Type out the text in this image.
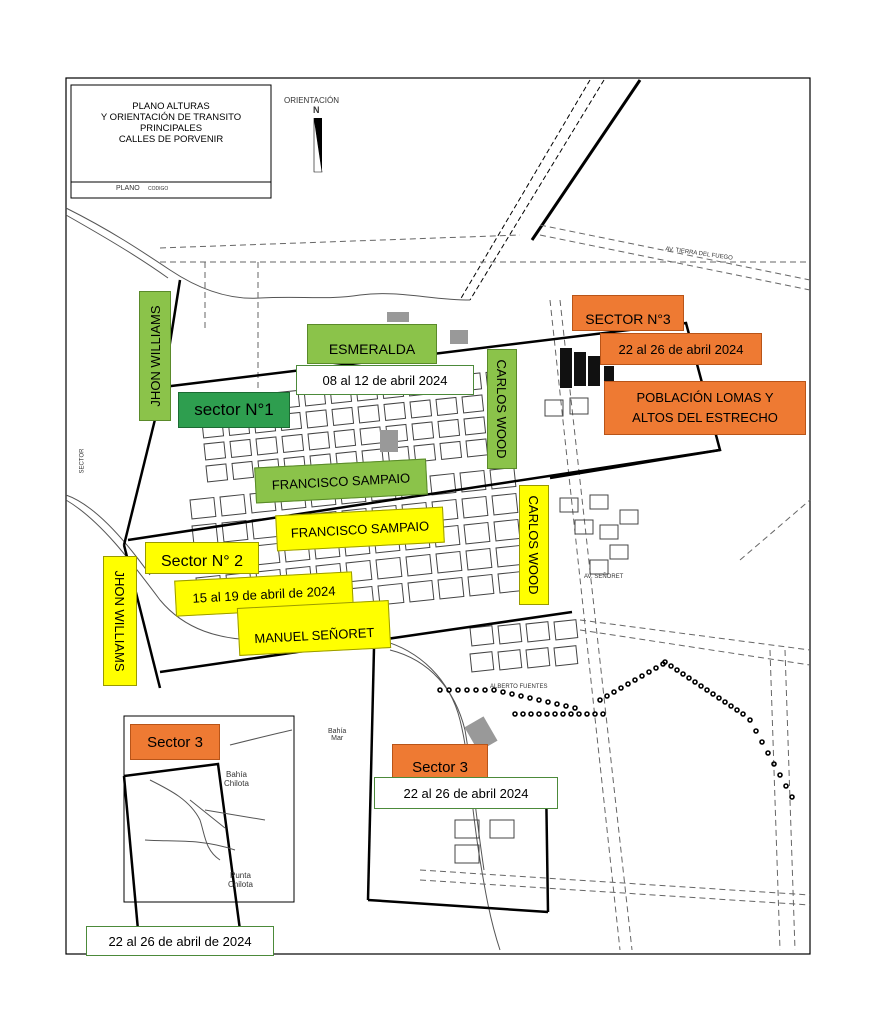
PLANO ALTURAS
Y ORIENTACIÓN DE TRANSITO
PRINCIPALES
CALLES DE PORVENIR
PLANO CODIGO
ORIENTACIÓN
N
AV. TIERRA DEL FUEGO
AV. SEÑORET
ALBERTO FUENTES
SECTOR
Bahía
Mar
Bahía
Chilota
Punta
Chilota
JHON WILLIAMS	ESMERALDA
08 al 12 de abril 2024
sector N°1	CARLOS WOOD
FRANCISCO SAMPAIO
SECTOR N°3
22 al 26 de abril 2024
POBLACIÓN LOMAS Y
ALTOS DEL ESTRECHO
FRANCISCO SAMPAIO
Sector N° 2	CARLOS WOOD
15 al 19 de abril de 2024
MANUEL SEÑORET
JHON WILLIAMS
Sector 3
Sector 3
22 al 26 de abril 2024
22 al 26 de abril de 2024
